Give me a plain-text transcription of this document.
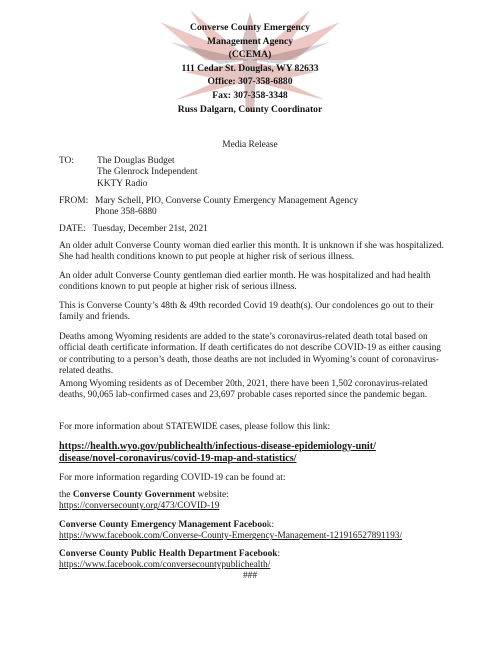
Converse County Emergency
Management Agency
(CCEMA)
111 Cedar St. Douglas, WY 82633
Office: 307-358-6880
Fax: 307-358-3348
Russ Dalgarn, County Coordinator
Media Release
TO:	The Douglas Budget
The Glenrock Independent
KKTY Radio
FROM: Mary Schell, PIO, Converse County Emergency Management Agency
Phone 358-6880
DATE: Tuesday, December 21st, 2021
An older adult Converse County woman died earlier this month. It is unknown if she was hospitalized. She had health conditions known to put people at higher risk of serious illness.
An older adult Converse County gentleman died earlier month. He was hospitalized and had health conditions known to put people at higher risk of serious illness.
This is Converse County’s 48th & 49th recorded Covid 19 death(s). Our condolences go out to their family and friends.
Deaths among Wyoming residents are added to the state’s coronavirus-related death total based on official death certificate information. If death certificates do not describe COVID-19 as either causing or contributing to a person’s death, those deaths are not included in Wyoming’s count of coronavirus-related deaths.
Among Wyoming residents as of December 20th, 2021, there have been 1,502 coronavirus-related deaths, 90,065 lab-confirmed cases and 23,697 probable cases reported since the pandemic began.
For more information about STATEWIDE cases, please follow this link:
https://health.wyo.gov/publichealth/infectious-disease-epidemiology-unit/
disease/novel-coronavirus/covid-19-map-and-statistics/
For more information regarding COVID-19 can be found at:
the Converse County Government website:
https://conversecounty.org/473/COVID-19
Converse County Emergency Management Facebook:
https://www.facebook.com/Converse-County-Emergency-Management-121916527891193/
Converse County Public Health Department Facebook:
https://www.facebook.com/conversecountypublichealth/
###
